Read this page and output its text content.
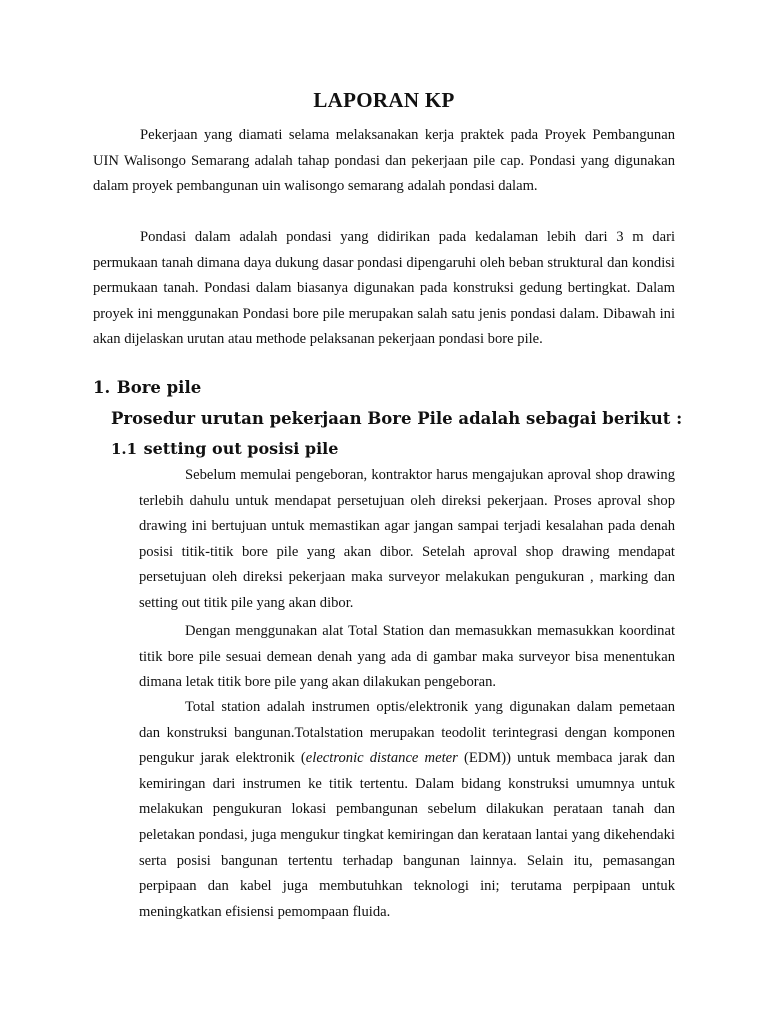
LAPORAN KP

Pekerjaan yang diamati selama melaksanakan kerja praktek pada Proyek Pembangunan UIN Walisongo Semarang adalah tahap pondasi dan pekerjaan pile cap. Pondasi yang digunakan dalam proyek pembangunan uin walisongo semarang adalah pondasi dalam.

Pondasi dalam adalah pondasi yang didirikan pada kedalaman lebih dari 3 m dari permukaan tanah dimana daya dukung dasar pondasi dipengaruhi oleh beban struktural dan kondisi permukaan tanah. Pondasi dalam biasanya digunakan pada konstruksi gedung bertingkat. Dalam proyek ini menggunakan Pondasi bore pile merupakan salah satu jenis pondasi dalam. Dibawah ini akan dijelaskan urutan atau methode pelaksanan pekerjaan pondasi bore pile.

1. Bore pile
Prosedur urutan pekerjaan Bore Pile adalah sebagai berikut :
1.1 setting out posisi pile

Sebelum memulai pengeboran, kontraktor harus mengajukan aproval shop drawing terlebih dahulu untuk mendapat persetujuan oleh direksi pekerjaan. Proses aproval shop drawing ini bertujuan untuk memastikan agar jangan sampai terjadi kesalahan pada denah posisi titik-titik bore pile yang akan dibor. Setelah aproval shop drawing mendapat persetujuan oleh direksi pekerjaan maka surveyor melakukan pengukuran , marking dan setting out titik pile yang akan dibor.

Dengan menggunakan alat Total Station dan memasukkan memasukkan koordinat titik bore pile sesuai demean denah yang ada di gambar maka surveyor bisa menentukan dimana letak titik bore pile yang akan dilakukan pengeboran.

Total station adalah instrumen optis/elektronik yang digunakan dalam pemetaan dan konstruksi bangunan.Totalstation merupakan teodolit terintegrasi dengan komponen pengukur jarak elektronik (electronic distance meter (EDM)) untuk membaca jarak dan kemiringan dari instrumen ke titik tertentu. Dalam bidang konstruksi umumnya untuk melakukan pengukuran lokasi pembangunan sebelum dilakukan perataan tanah dan peletakan pondasi, juga mengukur tingkat kemiringan dan kerataan lantai yang dikehendaki serta posisi bangunan tertentu terhadap bangunan lainnya. Selain itu, pemasangan perpipaan dan kabel juga membutuhkan teknologi ini; terutama perpipaan untuk meningkatkan efisiensi pemompaan fluida.
